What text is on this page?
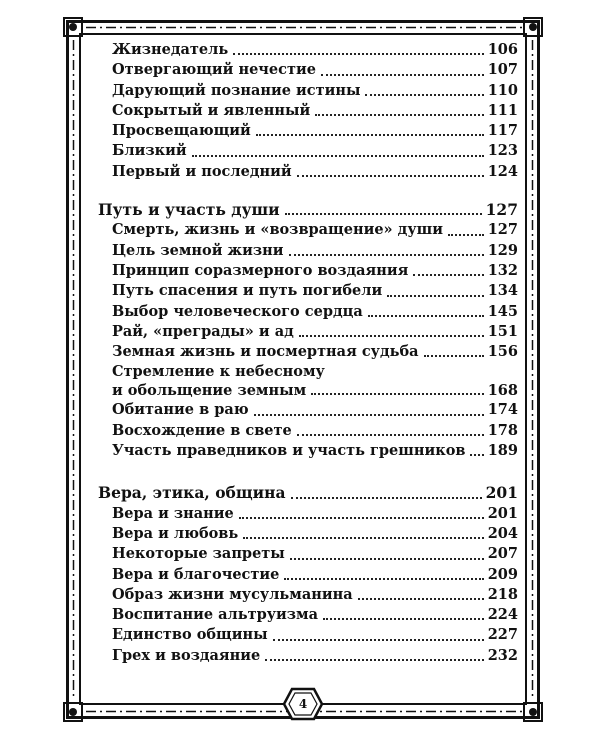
Жизнедатель	106
Отвергающий нечестие	107
Дарующий познание истины	110
Сокрытый и явленный	111
Просвещающий	117
Близкий	123
Первый и последний	124
Путь и участь души	127
Смерть, жизнь и «возвращение» души	127
Цель земной жизни	129
Принцип соразмерного воздаяния	132
Путь спасения и путь погибели	134
Выбор человеческого сердца	145
Рай, «преграды» и ад	151
Земная жизнь и посмертная судьба	156
Стремление к небесному
и обольщение земным	168
Обитание в раю	174
Восхождение в свете	178
Участь праведников и участь грешников 189
Вера, этика, община	201
Вера и знание	201
Вера и любовь	204
Некоторые запреты	207
Вера и благочестие	209
Образ жизни мусульманина	218
Воспитание альтруизма	224
Единство общины	227
Грех и воздаяние	232
4
